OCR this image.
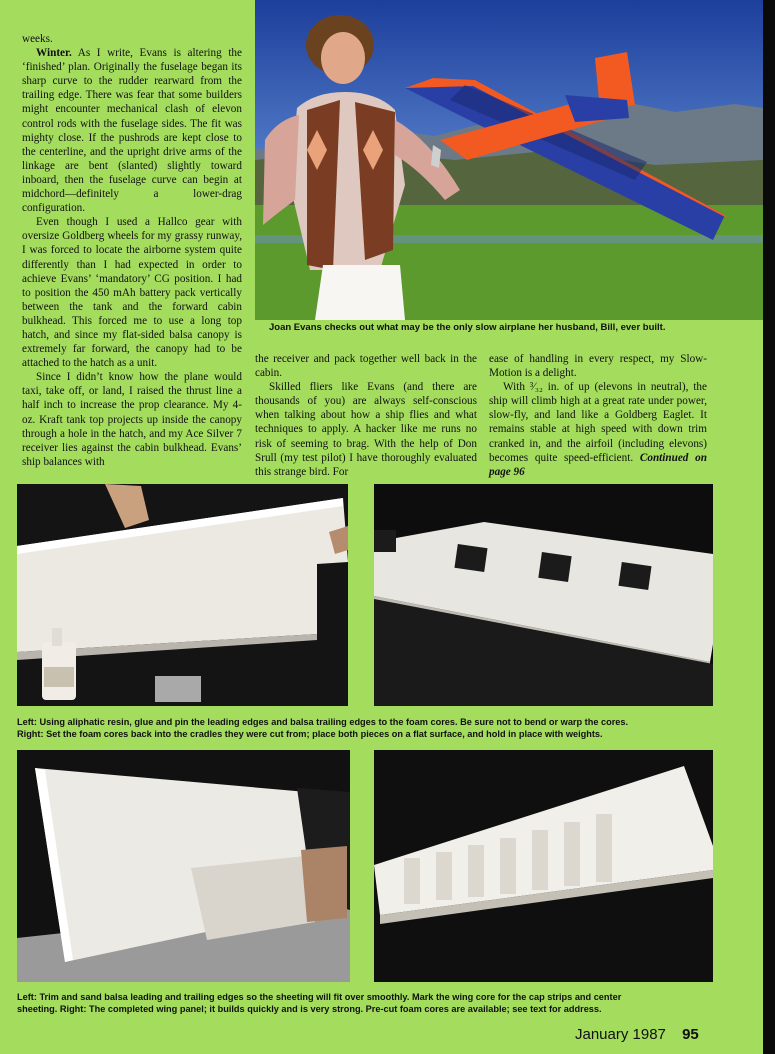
Joan Evans checks out what may be the only slow airplane her husband, Bill, ever built.

weeks.

Winter. As I write, Evans is altering the ‘finished’ plan. Originally the fuselage began its sharp curve to the rudder rearward from the trailing edge. There was fear that some builders might encounter mechanical clash of elevon control rods with the fuselage sides. The fit was mighty close. If the pushrods are kept close to the centerline, and the upright drive arms of the linkage are bent (slanted) slightly toward inboard, then the fuselage curve can begin at midchord—definitely a lower-drag configuration.

Even though I used a Hallco gear with oversize Goldberg wheels for my grassy runway, I was forced to locate the airborne system quite differently than I had expected in order to achieve Evans’ ‘mandatory’ CG position. I had to position the 450 mAh battery pack vertically between the tank and the forward cabin bulkhead. This forced me to use a long top hatch, and since my flat-sided balsa canopy is extremely far forward, the canopy had to be attached to the hatch as a unit.

Since I didn’t know how the plane would taxi, take off, or land, I raised the thrust line a half inch to increase the prop clearance. My 4-oz. Kraft tank top projects up inside the canopy through a hole in the hatch, and my Ace Silver 7 receiver lies against the cabin bulkhead. Evans’ ship balances with

the receiver and pack together well back in the cabin.

Skilled fliers like Evans (and there are thousands of you) are always self-conscious when talking about how a ship flies and what techniques to apply. A hacker like me runs no risk of seeming to brag. With the help of Don Srull (my test pilot) I have thoroughly evaluated this strange bird. For

ease of handling in every respect, my Slow-Motion is a delight.

With ³⁄₃₂ in. of up (elevons in neutral), the ship will climb high at a great rate under power, slow-fly, and land like a Goldberg Eaglet. It remains stable at high speed with down trim cranked in, and the airfoil (including elevons) becomes quite speed-efficient. Continued on page 96

Left: Using aliphatic resin, glue and pin the leading edges and balsa trailing edges to the foam cores. Be sure not to bend or warp the cores.
Right: Set the foam cores back into the cradles they were cut from; place both pieces on a flat surface, and hold in place with weights.
Left: Trim and sand balsa leading and trailing edges so the sheeting will fit over smoothly. Mark the wing core for the cap strips and center
sheeting. Right: The completed wing panel; it builds quickly and is very strong. Pre-cut foam cores are available; see text for address.
January 1987 95
